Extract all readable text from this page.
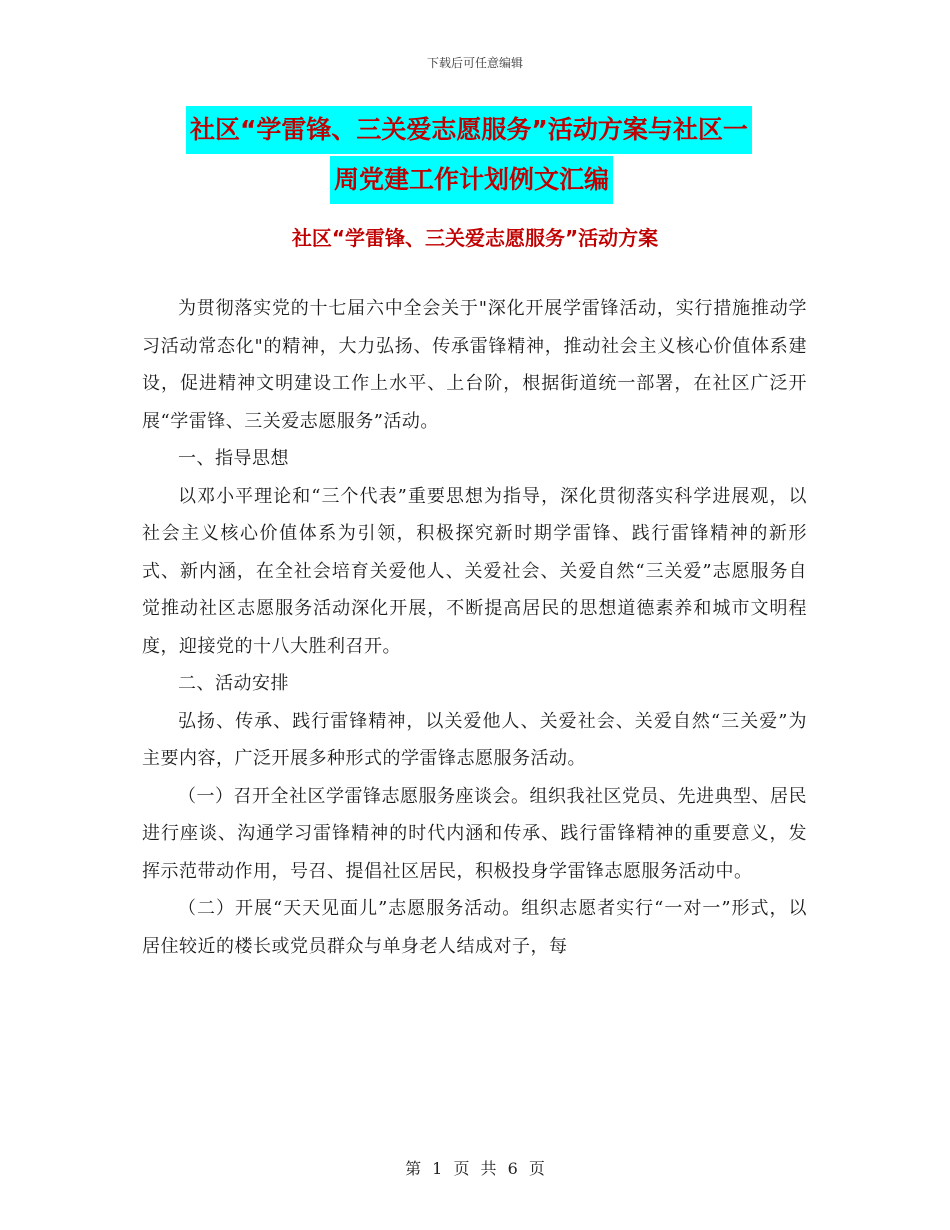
下载后可任意编辑
社区“学雷锋、三关爱志愿服务”活动方案与社区一
周党建工作计划例文汇编
社区“学雷锋、三关爱志愿服务”活动方案

为贯彻落实党的十七届六中全会关于"深化开展学雷锋活动，实行措施推动学习活动常态化"的精神，大力弘扬、传承雷锋精神，推动社会主义核心价值体系建设，促进精神文明建设工作上水平、上台阶，根据街道统一部署，在社区广泛开展“学雷锋、三关爱志愿服务”活动。

一、指导思想

以邓小平理论和“三个代表”重要思想为指导，深化贯彻落实科学进展观，以社会主义核心价值体系为引领，积极探究新时期学雷锋、践行雷锋精神的新形式、新内涵，在全社会培育关爱他人、关爱社会、关爱自然“三关爱”志愿服务自觉推动社区志愿服务活动深化开展，不断提高居民的思想道德素养和城市文明程度，迎接党的十八大胜利召开。

二、活动安排

弘扬、传承、践行雷锋精神，以关爱他人、关爱社会、关爱自然“三关爱”为主要内容，广泛开展多种形式的学雷锋志愿服务活动。

（一）召开全社区学雷锋志愿服务座谈会。组织我社区党员、先进典型、居民进行座谈、沟通学习雷锋精神的时代内涵和传承、践行雷锋精神的重要意义，发挥示范带动作用，号召、提倡社区居民，积极投身学雷锋志愿服务活动中。

（二）开展“天天见面儿”志愿服务活动。组织志愿者实行“一对一”形式，以居住较近的楼长或党员群众与单身老人结成对子，每

第 1 页 共 6 页
